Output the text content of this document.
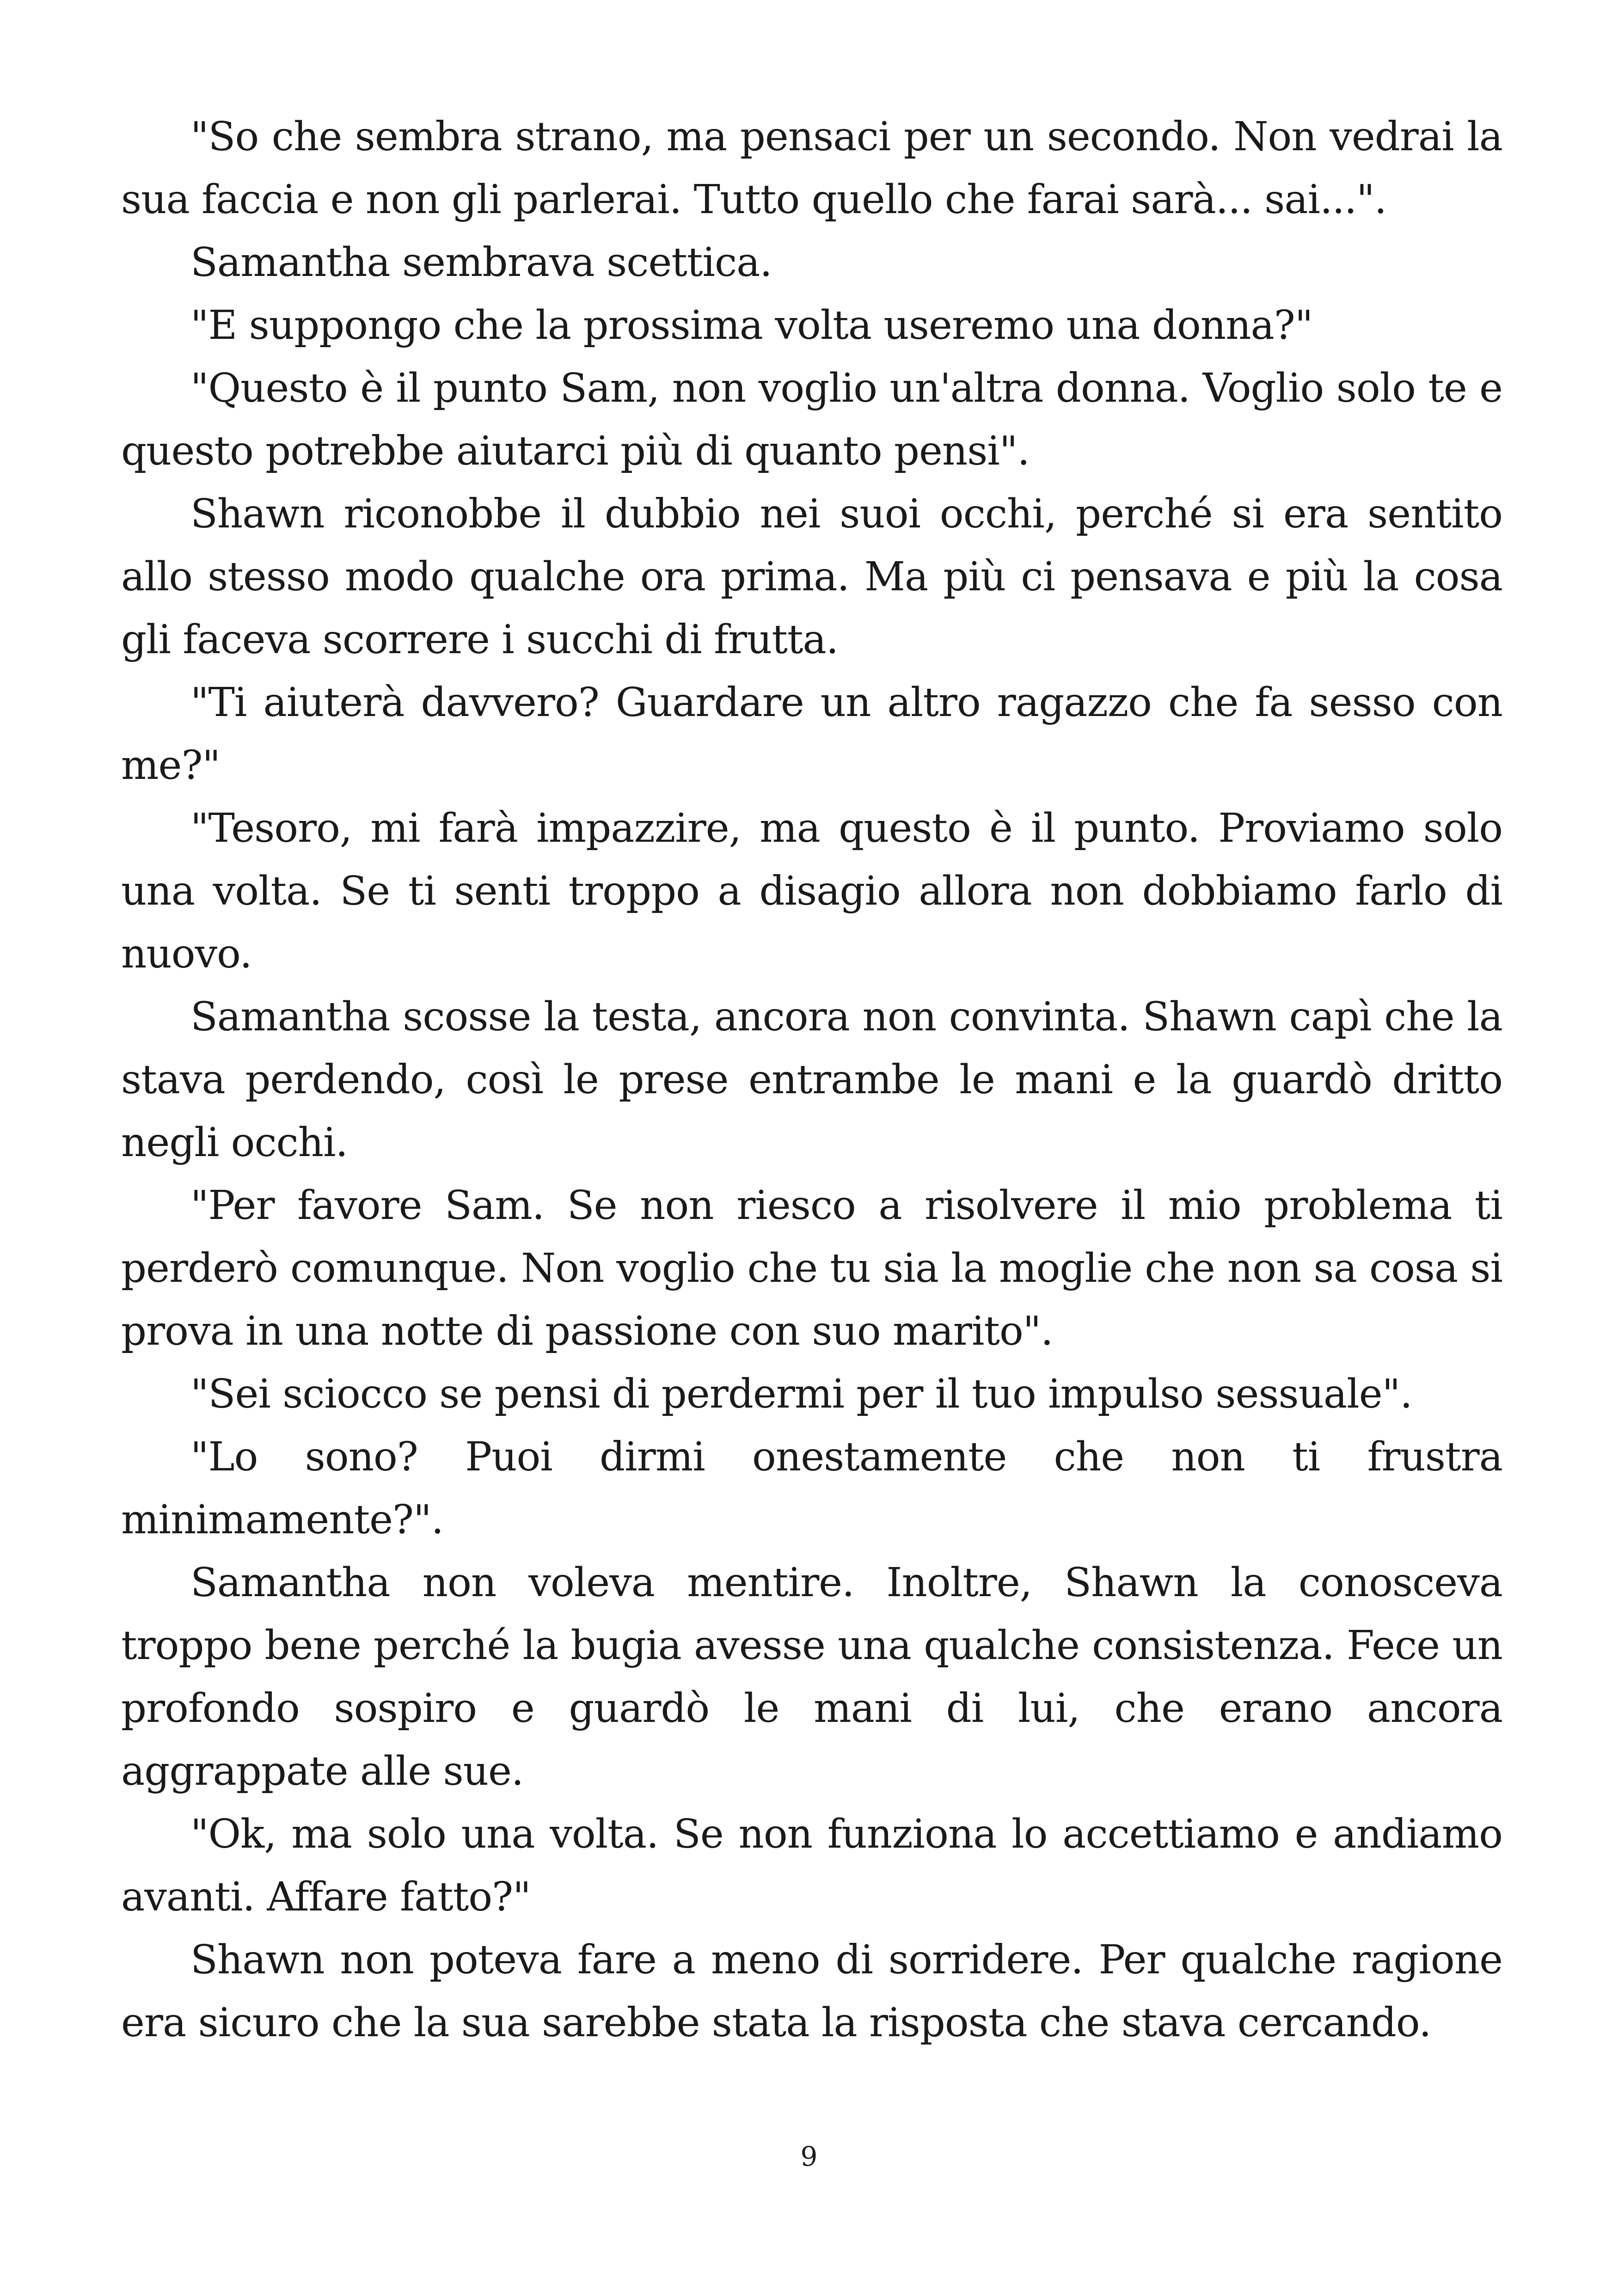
"So che sembra strano, ma pensaci per un secondo. Non vedrai la sua faccia e non gli parlerai. Tutto quello che farai sarà... sai...".

Samantha sembrava scettica.

"E suppongo che la prossima volta useremo una donna?"

"Questo è il punto Sam, non voglio un'altra donna. Voglio solo te e questo potrebbe aiutarci più di quanto pensi".

Shawn riconobbe il dubbio nei suoi occhi, perché si era sentito allo stesso modo qualche ora prima. Ma più ci pensava e più la cosa gli faceva scorrere i succhi di frutta.

"Ti aiuterà davvero? Guardare un altro ragazzo che fa sesso con me?"

"Tesoro, mi farà impazzire, ma questo è il punto. Proviamo solo una volta. Se ti senti troppo a disagio allora non dobbiamo farlo di nuovo.

Samantha scosse la testa, ancora non convinta. Shawn capì che la stava perdendo, così le prese entrambe le mani e la guardò dritto negli occhi.

"Per favore Sam. Se non riesco a risolvere il mio problema ti perderò comunque. Non voglio che tu sia la moglie che non sa cosa si prova in una notte di passione con suo marito".

"Sei sciocco se pensi di perdermi per il tuo impulso sessuale".

"Lo sono? Puoi dirmi onestamente che non ti frustra minimamente?".

Samantha non voleva mentire. Inoltre, Shawn la conosceva troppo bene perché la bugia avesse una qualche consistenza. Fece un profondo sospiro e guardò le mani di lui, che erano ancora aggrappate alle sue.

"Ok, ma solo una volta. Se non funziona lo accettiamo e andiamo avanti. Affare fatto?"

Shawn non poteva fare a meno di sorridere. Per qualche ragione era sicuro che la sua sarebbe stata la risposta che stava cercando.

9
